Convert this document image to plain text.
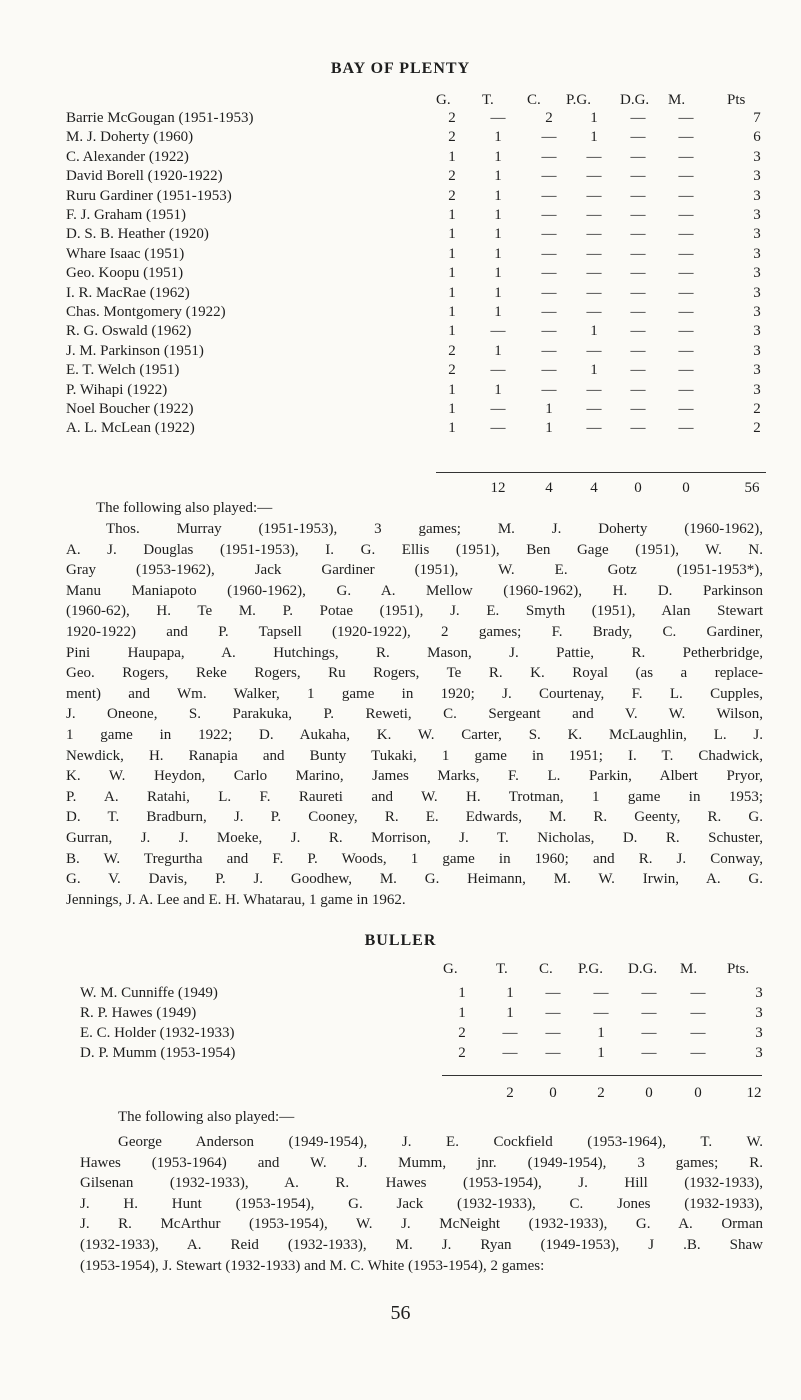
BAY OF PLENTY
G. T. C. P.G. D.G. M.	Pts
Barrie McGougan (1951-1953)	2	—	2	1	—	—	7
M. J. Doherty (1960)	2	1	—	1	—	—	6
C. Alexander (1922)	1	1	—	—	—	—	3
David Borell (1920-1922)	2	1	—	—	—	—	3
Ruru Gardiner (1951-1953)	2	1	—	—	—	—	3
F. J. Graham (1951)	1	1	—	—	—	—	3
D. S. B. Heather (1920)	1	1	—	—	—	—	3
Whare Isaac (1951)	1	1	—	—	—	—	3
Geo. Koopu (1951)	1	1	—	—	—	—	3
I. R. MacRae (1962)	1	1	—	—	—	—	3
Chas. Montgomery (1922)	1	1	—	—	—	—	3
R. G. Oswald (1962)	1	—	—	1	—	—	3
J. M. Parkinson (1951)	2	1	—	—	—	—	3
E. T. Welch (1951)	2	—	—	1	—	—	3
P. Wihapi (1922)	1	1	—	—	—	—	3
Noel Boucher (1922)	1	—	1	—	—	—	2
A. L. McLean (1922)	1	—	1	—	—	—	2
12	4	4	0	0	56
The following also played:—
Thos. Murray (1951-1953), 3 games; M. J. Doherty (1960-1962),
A. J. Douglas (1951-1953), I. G. Ellis (1951), Ben Gage (1951), W. N.
Gray (1953-1962), Jack Gardiner (1951), W. E. Gotz (1951-1953*),
Manu Maniapoto (1960-1962), G. A. Mellow (1960-1962), H. D. Parkinson
(1960-62), H. Te M. P. Potae (1951), J. E. Smyth (1951), Alan Stewart
1920-1922) and P. Tapsell (1920-1922), 2 games; F. Brady, C. Gardiner,
Pini Haupapa, A. Hutchings, R. Mason, J. Pattie, R. Petherbridge,
Geo. Rogers, Reke Rogers, Ru Rogers, Te R. K. Royal (as a replace-
ment) and Wm. Walker, 1 game in 1920; J. Courtenay, F. L. Cupples,
J. Oneone, S. Parakuka, P. Reweti, C. Sergeant and V. W. Wilson,
1 game in 1922; D. Aukaha, K. W. Carter, S. K. McLaughlin, L. J.
Newdick, H. Ranapia and Bunty Tukaki, 1 game in 1951; I. T. Chadwick,
K. W. Heydon, Carlo Marino, James Marks, F. L. Parkin, Albert Pryor,
P. A. Ratahi, L. F. Raureti and W. H. Trotman, 1 game in 1953;
D. T. Bradburn, J. P. Cooney, R. E. Edwards, M. R. Geenty, R. G.
Gurran, J. J. Moeke, J. R. Morrison, J. T. Nicholas, D. R. Schuster,
B. W. Tregurtha and F. P. Woods, 1 game in 1960; and R. J. Conway,
G. V. Davis, P. J. Goodhew, M. G. Heimann, M. W. Irwin, A. G.
Jennings, J. A. Lee and E. H. Whatarau, 1 game in 1962.
BULLER
G.	T. C. P.G. D.G. M. Pts.
W. M. Cunniffe (1949)	1	1	—	—	—	—	3
R. P. Hawes (1949)	1	1	—	—	—	—	3
E. C. Holder (1932-1933)	2	—	—	1	—	—	3
D. P. Mumm (1953-1954)	2	—	—	1	—	—	3
2	0	2	0	0	12
The following also played:—
George Anderson (1949-1954), J. E. Cockfield (1953-1964), T. W.
Hawes (1953-1964) and W. J. Mumm, jnr. (1949-1954), 3 games; R.
Gilsenan (1932-1933), A. R. Hawes (1953-1954), J. Hill (1932-1933),
J. H. Hunt (1953-1954), G. Jack (1932-1933), C. Jones (1932-1933),
J. R. McArthur (1953-1954), W. J. McNeight (1932-1933), G. A. Orman
(1932-1933), A. Reid (1932-1933), M. J. Ryan (1949-1953), J .B. Shaw
(1953-1954), J. Stewart (1932-1933) and M. C. White (1953-1954), 2 games:
56
